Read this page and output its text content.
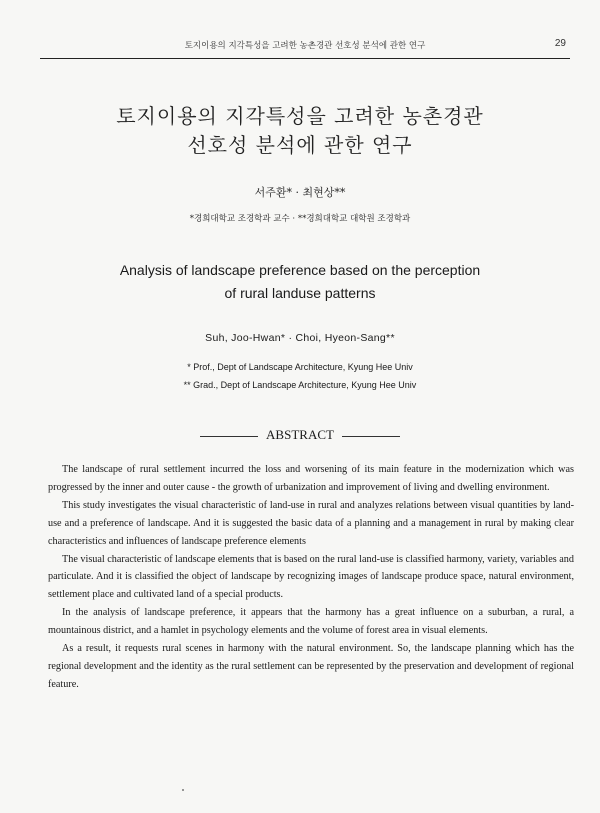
토지이용의 지각특성을 고려한 농촌경관 선호성 분석에 관한 연구	29
토지이용의 지각특성을 고려한 농촌경관
선호성 분석에 관한 연구
서주환* · 최현상**
*경희대학교 조경학과 교수 · **경희대학교 대학원 조경학과
Analysis of landscape preference based on the perception
of rural landuse patterns
Suh, Joo-Hwan* · Choi, Hyeon-Sang**
* Prof., Dept of Landscape Architecture, Kyung Hee Univ
** Grad., Dept of Landscape Architecture, Kyung Hee Univ
ABSTRACT

The landscape of rural settlement incurred the loss and worsening of its main feature in the modernization which was progressed by the inner and outer cause - the growth of urbanization and improvement of living and dwelling environment.

This study investigates the visual characteristic of land-use in rural and analyzes relations between visual quantities by land-use and a preference of landscape. And it is suggested the basic data of a planning and a management in rural by making clear characteristics and influences of landscape preference elements

The visual characteristic of landscape elements that is based on the rural land-use is classified harmony, variety, variables and particulate. And it is classified the object of landscape by recognizing images of landscape produce space, natural environment, settlement place and cultivated land of a special products.

In the analysis of landscape preference, it appears that the harmony has a great influence on a suburban, a rural, a mountainous district, and a hamlet in psychology elements and the volume of forest area in visual elements.

As a result, it requests rural scenes in harmony with the natural environment. So, the landscape planning which has the regional development and the identity as the rural settlement can be represented by the preservation and development of regional feature.
